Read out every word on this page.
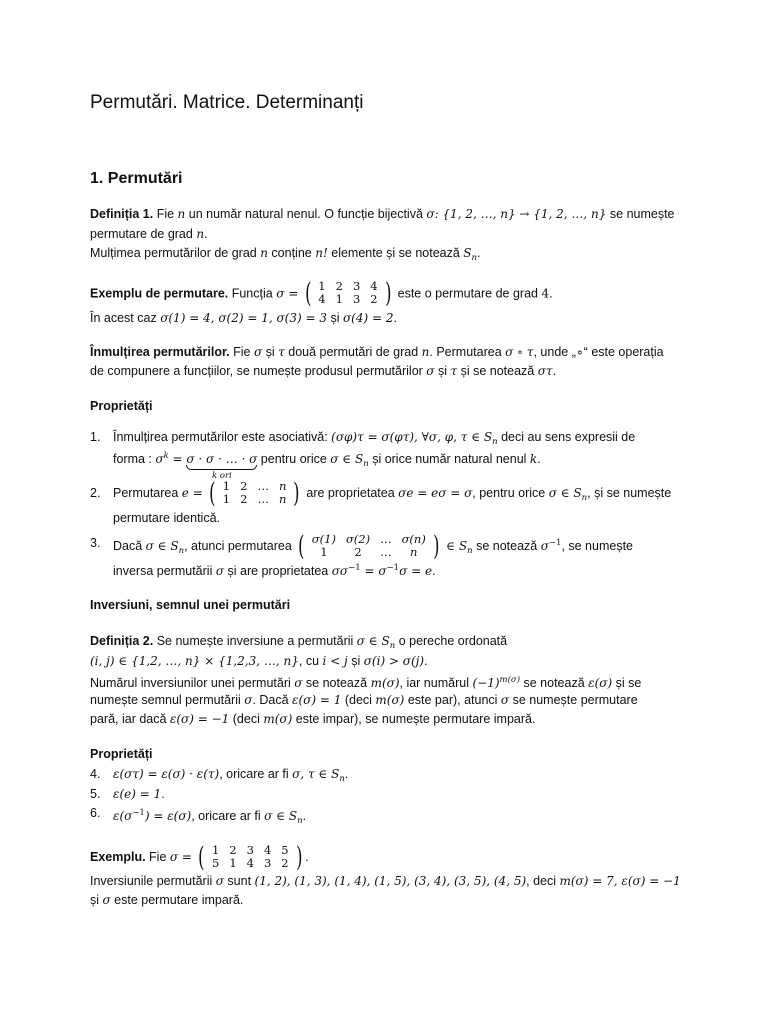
Permutări. Matrice. Determinanți
1. Permutări
Definiția 1. Fie n un număr natural nenul. O funcție bijectivă σ: {1, 2, …, n} → {1, 2, …, n} se numește
permutare de grad n.
Mulțimea permutărilor de grad n conține n! elemente și se notează $S_n$.
Exemplu de permutare. Funcția σ = ( 1	2	3	4
4	1	3	2 ) este o permutare de grad 4.
În acest caz σ(1) = 4, σ(2) = 1, σ(3) = 3 și σ(4) = 2.
Înmulțirea permutărilor. Fie σ și τ două permutări de grad n. Permutarea σ ∘ τ, unde „∘“ este operația
de compunere a funcțiilor, se numește produsul permutărilor σ și τ și se notează στ.
Proprietăți
1.	Înmulțirea permutărilor este asociativă: (σφ)τ = σ(φτ), ∀σ, φ, τ ∈ $S_n$ deci au sens expresii de
forma : $\sigma^k = \sigma \cdot \sigma$ · … · σ
k ori
pentru orice σ ∈ $S_n$ și orice număr natural nenul k.
2.	Permutarea e = ( 1	2	…	n
1	2	…	n ) are proprietatea σe = eσ = σ, pentru orice σ ∈ $S_n$, și se numește
permutare identică.
3.	Dacă σ ∈ $S_n$, atunci permutarea ( σ(1)	σ(2)	…	σ(n)
1	2	…	n ) ∈ $S_n$ se notează $\sigma^{-1}$, se numește
inversa permutării σ și are proprietatea $\sigma\sigma^{-1} = \sigma^{-1}\sigma = e$.
Inversiuni, semnul unei permutări
Definiția 2. Se numește inversiune a permutării σ ∈ $S_n$ o pereche ordonată
(i, j) ∈ {1,2, …, n} × {1,2,3, …, n}, cu i < j și σ(i) > σ(j).
Numărul inversiunilor unei permutări σ se notează m(σ), iar numărul $(-1)^{m(\sigma)}$ se notează ε(σ) și se
numește semnul permutării σ. Dacă ε(σ) = 1 (deci m(σ) este par), atunci σ se numește permutare
pară, iar dacă ε(σ) = −1 (deci m(σ) este impar), se numește permutare impară.
Proprietăți
4.	ε(στ) = ε(σ) · ε(τ), oricare ar fi σ, τ ∈ $S_n$.
5.	ε(e) = 1.
6.	$\varepsilon(\sigma^{-1}) = \varepsilon(\sigma)$, oricare ar fi σ ∈ $S_n$.
Exemplu. Fie σ = ( 1	2	3	4	5
5	1	4	3	2 ) .
Inversiunile permutării σ sunt (1, 2), (1, 3), (1, 4), (1, 5), (3, 4), (3, 5), (4, 5), deci m(σ) = 7, ε(σ) = −1
și σ este permutare impară.
